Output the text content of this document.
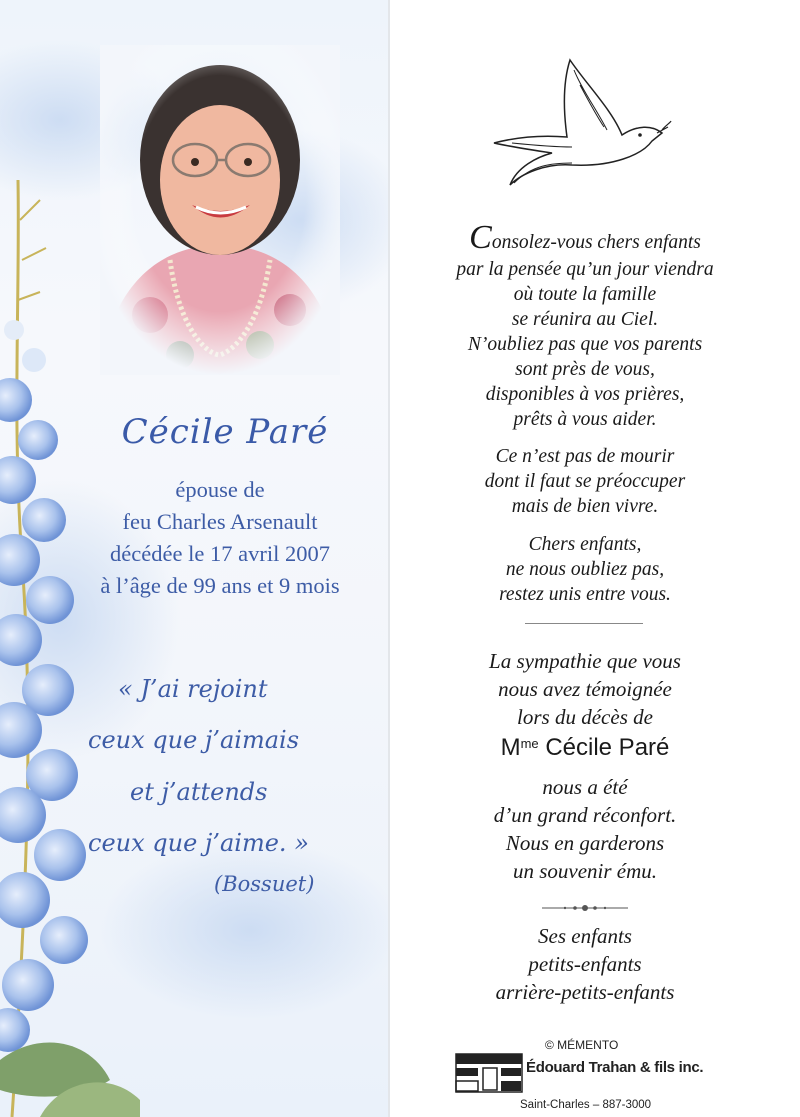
Cécile Paré
épouse de
feu Charles Arsenault
décédée le 17 avril 2007
à l’âge de 99 ans et 9 mois
« J’ai rejoint
ceux que j’aimais
et j’attends
ceux que j’aime. »
(Bossuet)
Consolez-vous chers enfants
par la pensée qu’un jour viendra
où toute la famille
se réunira au Ciel.
N’oubliez pas que vos parents
sont près de vous,
disponibles à vos prières,
prêts à vous aider.
Ce n’est pas de mourir
dont il faut se préoccuper
mais de bien vivre.
Chers enfants,
ne nous oubliez pas,
restez unis entre vous.
La sympathie que vous
nous avez témoignée
lors du décès de
$M^{me}$ Cécile Paré
nous a été
d’un grand réconfort.
Nous en garderons
un souvenir ému.
Ses enfants
petits-enfants
arrière-petits-enfants
© MÉMENTO
Édouard Trahan & fils inc.
Saint-Charles – 887-3000
